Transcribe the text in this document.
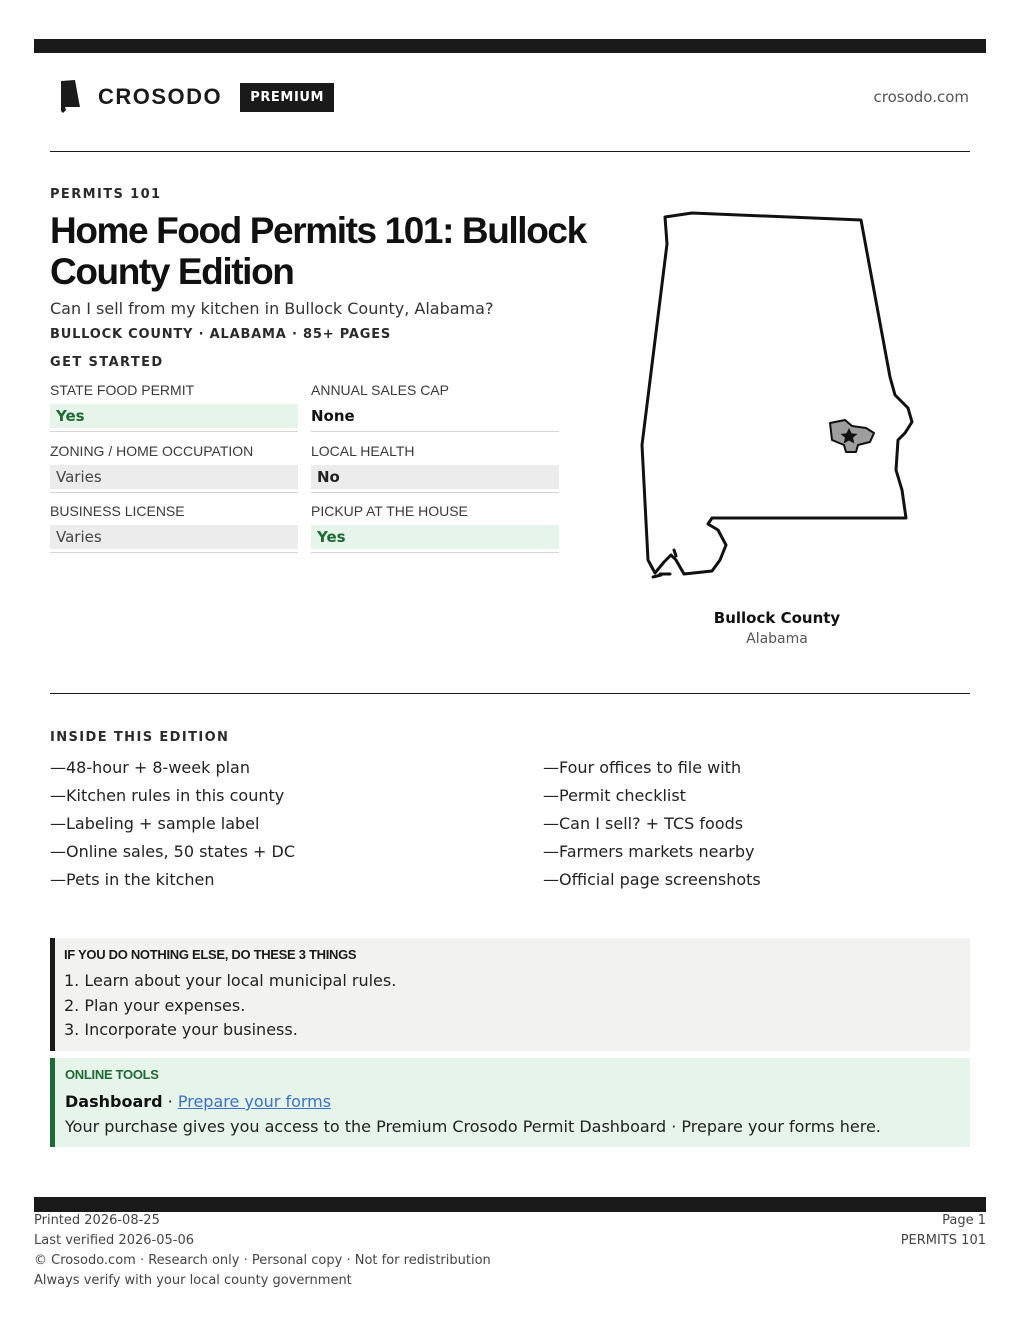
CROSODO	PREMIUM	crosodo.com
PERMITS 101
Home Food Permits 101: Bullock County Edition
Can I sell from my kitchen in Bullock County, Alabama?
BULLOCK COUNTY · ALABAMA · 85+ PAGES
GET STARTED
STATE FOOD PERMIT
Yes
ANNUAL SALES CAP
None
ZONING / HOME OCCUPATION
Varies
LOCAL HEALTH
No
BUSINESS LICENSE
Varies
PICKUP AT THE HOUSE
Yes
Bullock County
Alabama
INSIDE THIS EDITION
—48-hour + 8-week plan
—Kitchen rules in this county
—Labeling + sample label
—Online sales, 50 states + DC
—Pets in the kitchen
—Four offices to file with
—Permit checklist
—Can I sell? + TCS foods
—Farmers markets nearby
—Official page screenshots
IF YOU DO NOTHING ELSE, DO THESE 3 THINGS
1. Learn about your local municipal rules.
2. Plan your expenses.
3. Incorporate your business.
ONLINE TOOLS
Dashboard · Prepare your forms
Your purchase gives you access to the Premium Crosodo Permit Dashboard · Prepare your forms here.
Printed 2026-08-25
Last verified 2026-05-06
© Crosodo.com · Research only · Personal copy · Not for redistribution
Always verify with your local county government
Page 1
PERMITS 101
